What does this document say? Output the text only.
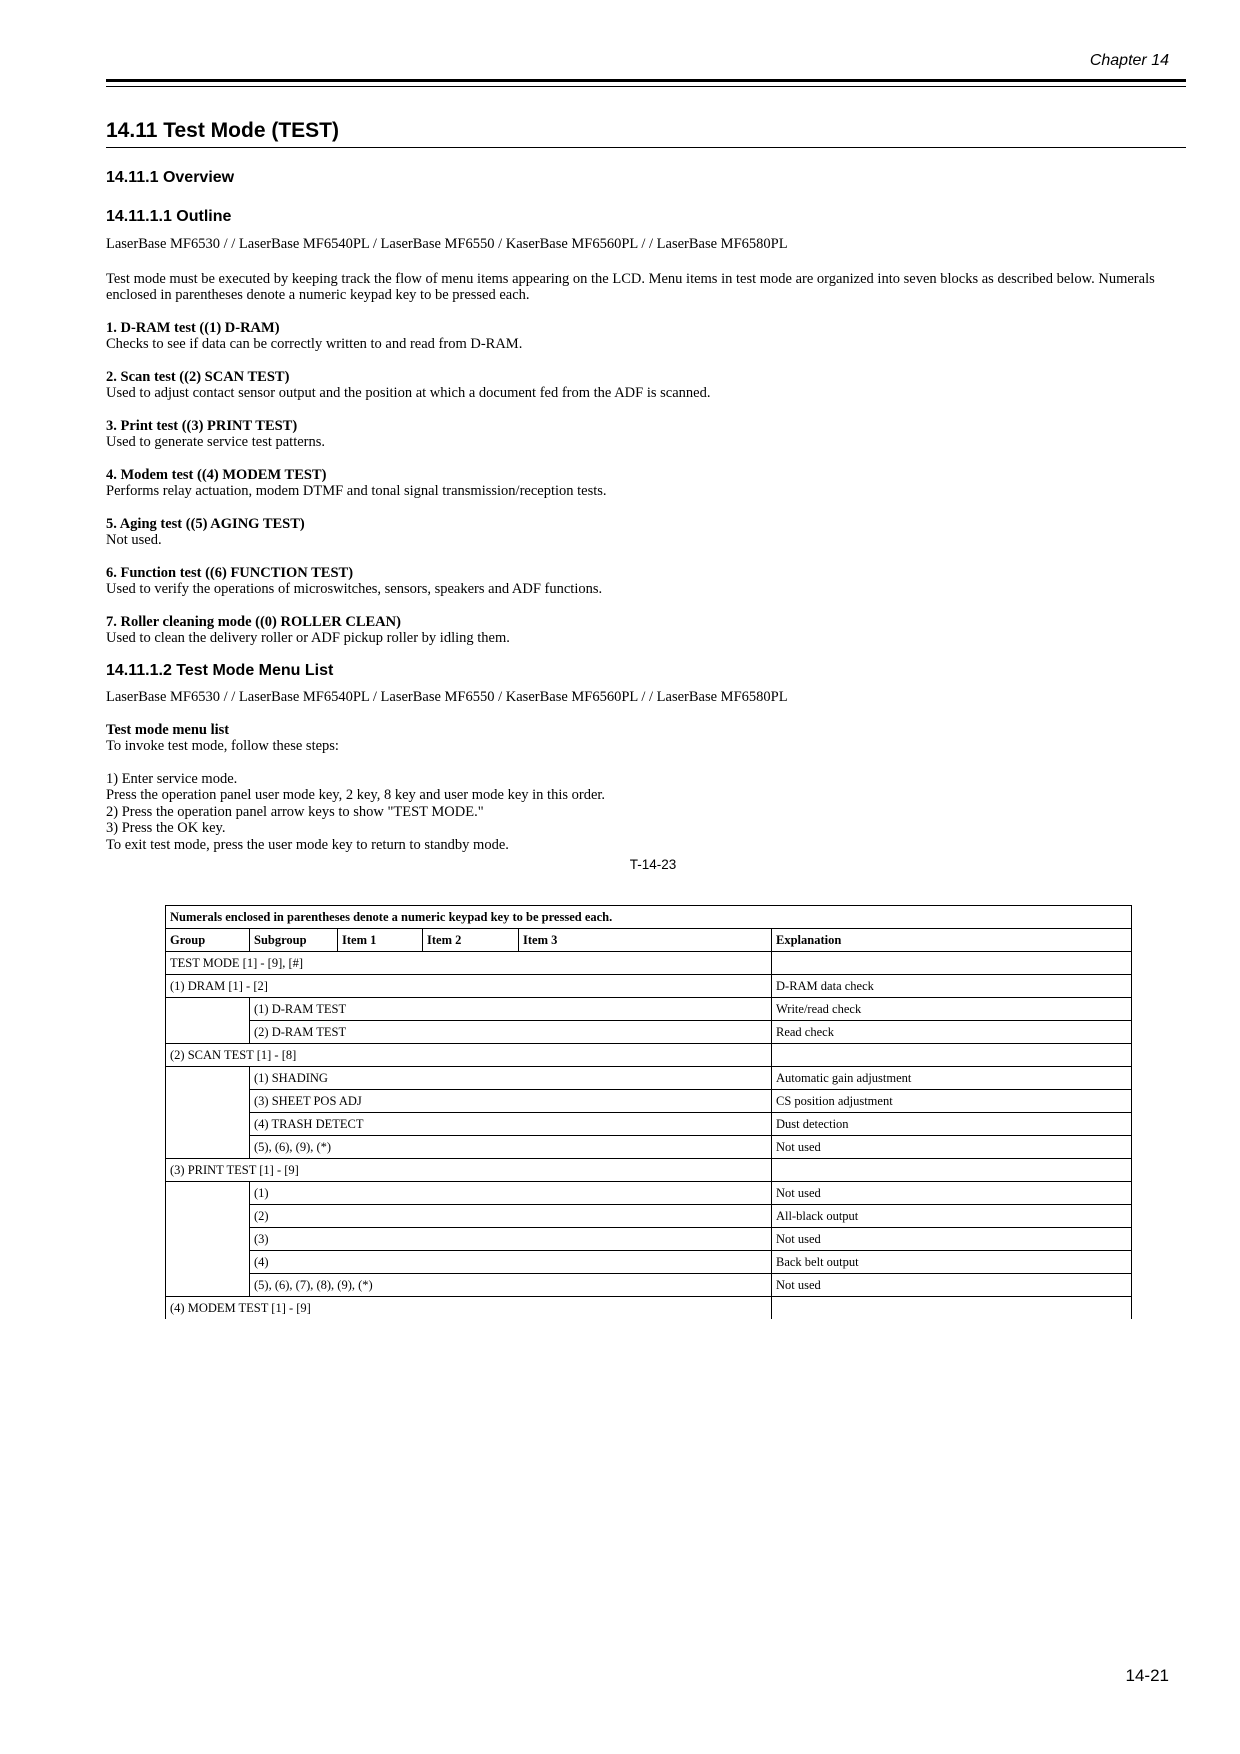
Chapter 14
14.11 Test Mode (TEST)
14.11.1 Overview
14.11.1.1 Outline
LaserBase MF6530 / / LaserBase MF6540PL / LaserBase MF6550 / KaserBase MF6560PL / / LaserBase MF6580PL

Test mode must be executed by keeping track the flow of menu items appearing on the LCD. Menu items in test mode are organized into seven blocks as described below. Numerals enclosed in parentheses denote a numeric keypad key to be pressed each.

1. D-RAM test ((1) D-RAM)
Checks to see if data can be correctly written to and read from D-RAM.
2. Scan test ((2) SCAN TEST)
Used to adjust contact sensor output and the position at which a document fed from the ADF is scanned.
3. Print test ((3) PRINT TEST)
Used to generate service test patterns.
4. Modem test ((4) MODEM TEST)
Performs relay actuation, modem DTMF and tonal signal transmission/reception tests.
5. Aging test ((5) AGING TEST)
Not used.
6. Function test ((6) FUNCTION TEST)
Used to verify the operations of microswitches, sensors, speakers and ADF functions.
7. Roller cleaning mode ((0) ROLLER CLEAN)
Used to clean the delivery roller or ADF pickup roller by idling them.
14.11.1.2 Test Mode Menu List
LaserBase MF6530 / / LaserBase MF6540PL / LaserBase MF6550 / KaserBase MF6560PL / / LaserBase MF6580PL
Test mode menu list
To invoke test mode, follow these steps:
1) Enter service mode.
Press the operation panel user mode key, 2 key, 8 key and user mode key in this order.
2) Press the operation panel arrow keys to show "TEST MODE."
3) Press the OK key.
To exit test mode, press the user mode key to return to standby mode.
T-14-23
Numerals enclosed in parentheses denote a numeric keypad key to be pressed each.					
Group	Subgroup	Item 1	Item 2	Item 3	Explanation
TEST MODE [1] - [9], [#]					
(1) DRAM [1] - [2]					D-RAM data check
	(1) D-RAM TEST				Write/read check
	(2) D-RAM TEST				Read check
(2) SCAN TEST [1] - [8]					
	(1) SHADING				Automatic gain adjustment
	(3) SHEET POS ADJ				CS position adjustment
	(4) TRASH DETECT				Dust detection
	(5), (6), (9), (*)				Not used
(3) PRINT TEST [1] - [9]					
	(1)				Not used
	(2)				All-black output
	(3)				Not used
	(4)				Back belt output
	(5), (6), (7), (8), (9), (*)				Not used
(4) MODEM TEST [1] - [9]					
14-21
